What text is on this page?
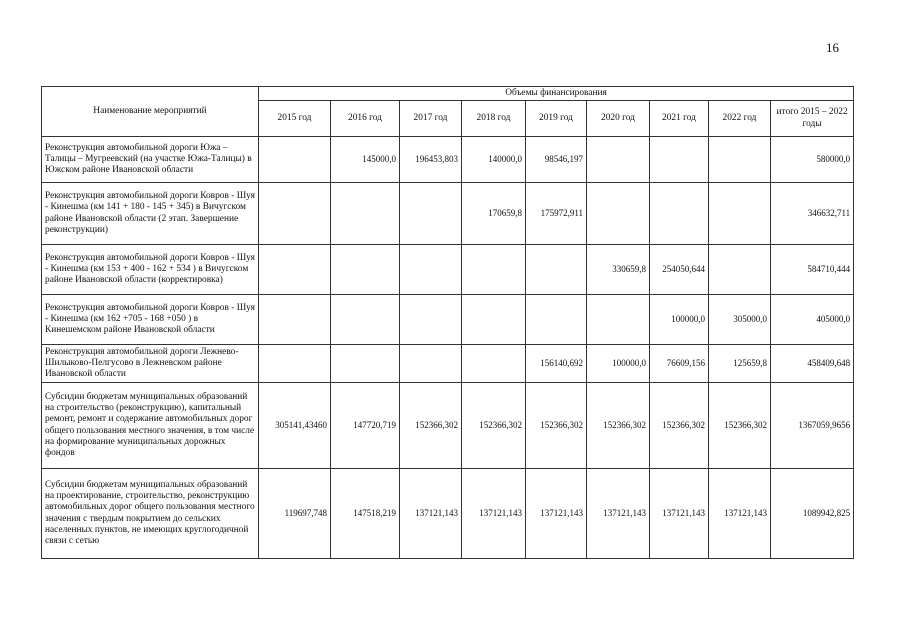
16
Наименование мероприятий	Объемы финансирования								
	2015 год	2016 год	2017 год	2018 год	2019 год	2020 год	2021 год	2022 год	итого 2015 – 2022 годы
Реконструкция автомобильной дороги Южа – Талицы – Мугреевский (на участке Южа-Талицы) в Южском районе Ивановской области		145000,0	196453,803	140000,0	98546,197				580000,0
Реконструкция автомобильной дороги Ковров - Шуя - Кинешма (км 141 + 180 - 145 + 345) в Вичугском районе Ивановской области (2 этап. Завершение реконструкции)				170659,8	175972,911				346632,711
Реконструкция автомобильной дороги Ковров - Шуя - Кинешма (км 153 + 400 - 162 + 534 ) в Вичугском районе Ивановской области (корректировка)						330659,8	254050,644		584710,444
Реконструкция автомобильной дороги Ковров - Шуя - Кинешма (км 162 +705 - 168 +050 ) в Кинешемском районе Ивановской области							100000,0	305000,0	405000,0
Реконструкция автомобильной дороги Лежнево-Шилыково-Пелгусово в Лежневском районе Ивановской области					156140,692	100000,0	76609,156	125659,8	458409,648
Субсидии бюджетам муниципальных образований на строительство (реконструкцию), капитальный ремонт, ремонт и содержание автомобильных дорог общего пользования местного значения, в том числе на формирование муниципальных дорожных фондов	305141,43460	147720,719	152366,302	152366,302	152366,302	152366,302	152366,302	152366,302	1367059,9656
Субсидии бюджетам муниципальных образований на проектирование, строительство, реконструкцию автомобильных дорог общего пользования местного значения с твердым покрытием до сельских населенных пунктов, не имеющих круглогодичной связи с сетью	119697,748	147518,219	137121,143	137121,143	137121,143	137121,143	137121,143	137121,143	1089942,825
